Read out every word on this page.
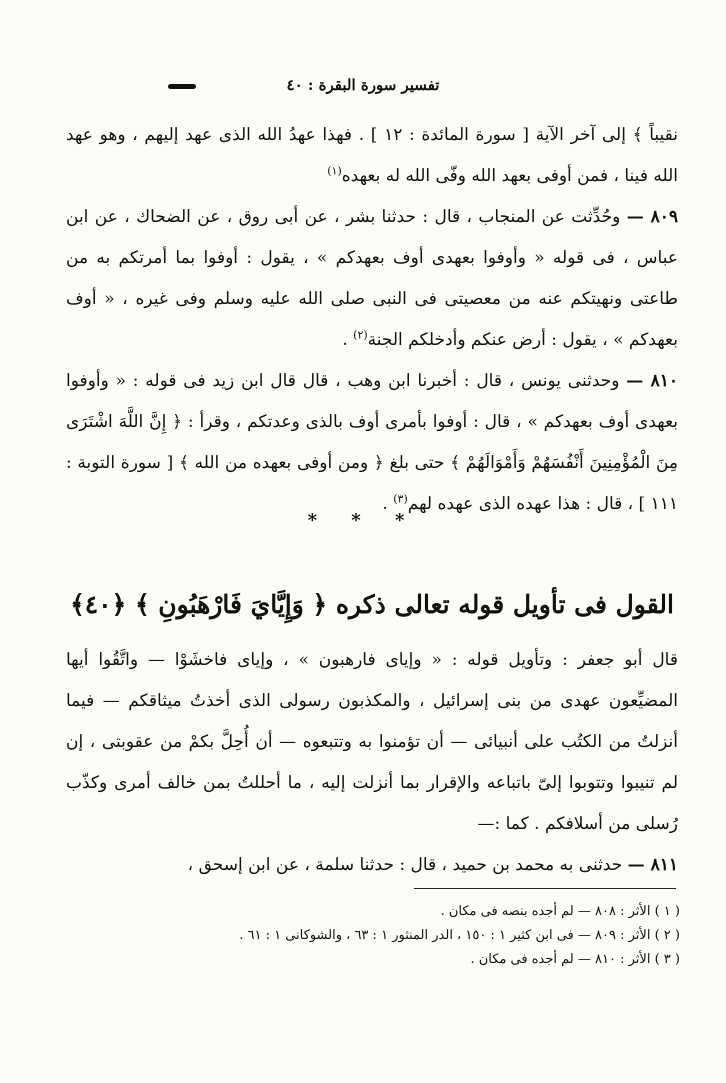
تفسير سورة البقرة : ٤٠

نقيباً ﴾ إلى آخر الآية [ سورة المائدة : ١٢ ] . فهذا عهدُ الله الذى عهد إليهم ، وهو عهد الله فينا ، فمن أوفى بعهد الله وفّى الله له بعهده$^{(١)}$

٨٠٩ — وحُدِّثت عن المنجاب ، قال : حدثنا بشر ، عن أبى روق ، عن الضحاك ، عن ابن عباس ، فى قوله « وأوفوا بعهدى أوف بعهدكم » ، يقول : أوفوا بما أمرتكم به من طاعتى ونهيتكم عنه من معصيتى فى النبى صلى الله عليه وسلم وفى غيره ، « أوف بعهدكم » ، يقول : أرض عنكم وأدخلكم الجنة$^{(٢)}$ .

٨١٠ — وحدثنى يونس ، قال : أخبرنا ابن وهب ، قال قال ابن زيد فى قوله : « وأوفوا بعهدى أوف بعهدكم » ، قال : أوفوا بأمرى أوف بالذى وعدتكم ، وقرأ : ﴿ إِنَّ اللَّهَ اشْتَرَى مِنَ الْمُؤْمِنِينَ أَنْفُسَهُمْ وَأَمْوَالَهُمْ ﴾ حتى بلغ ﴿ ومن أوفى بعهده من الله ﴾ [ سورة التوبة : ١١١ ] ، قال : هذا عهده الذى عهده لهم$^{(٣)}$ .

* * *
القول فى تأويل قوله تعالى ذكره ﴿ وَإِيَّايَ فَارْهَبُونِ ﴾ ﴿٤٠﴾

قال أبو جعفر : وتأويل قوله : « وإياى فارهبون » ، وإياى فاخشَوْا — واتَّقُوا أيها المضيِّعون عهدى من بنى إسرائيل ، والمكذبون رسولى الذى أخذتُ ميثاقكم — فيما أنزلتُ من الكتُب على أنبيائى — أن تؤمنوا به وتتبعوه — أن أُحِلَّ بكمْ من عقوبتى ، إن لم تنيبوا وتتوبوا إلىّ باتباعه والإقرار بما أنزلت إليه ، ما أحللتُ بمن خالف أمرى وكذّب رُسلى من أسلافكم . كما :—

٨١١ — حدثنى به محمد بن حميد ، قال : حدثنا سلمة ، عن ابن إسحق ،

( ١ ) الأثر : ٨٠٨ — لم أجده بنصه فى مكان .

( ٢ ) الأثر : ٨٠٩ — فى ابن كثير ١ : ١٥٠ ، الدر المنثور ١ : ٦٣ ، والشوكانى ١ : ٦١ .

( ٣ ) الأثر : ٨١٠ — لم أجده فى مكان .
